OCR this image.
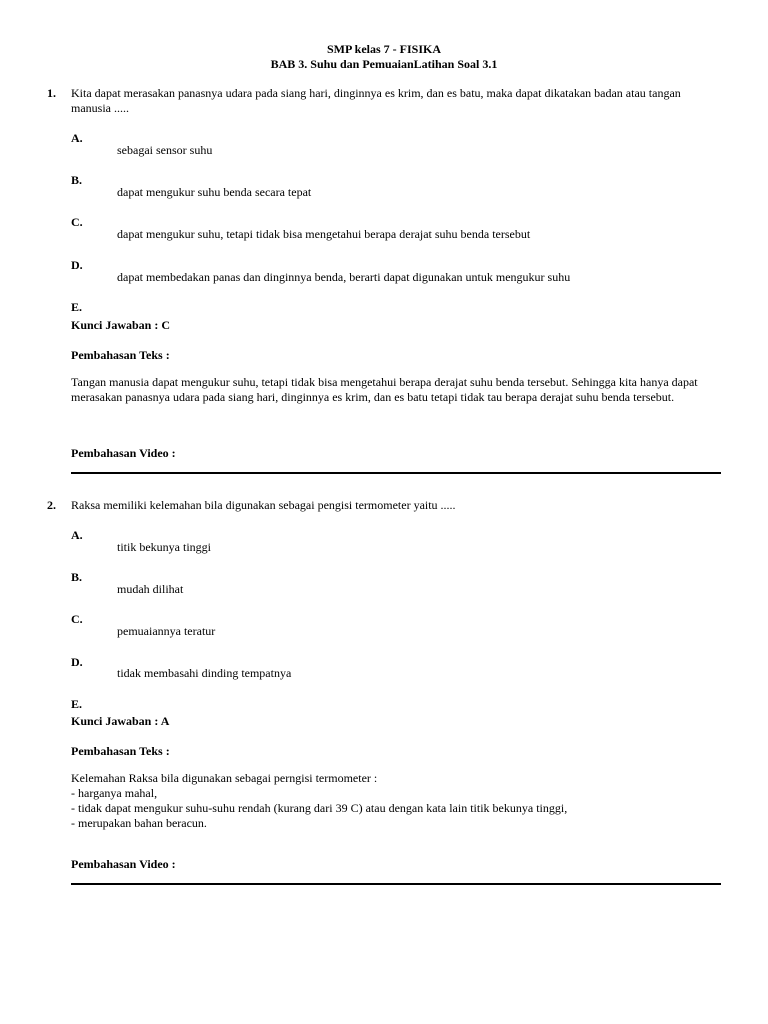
SMP kelas 7 - FISIKA
BAB 3. Suhu dan PemuaianLatihan Soal 3.1
1. Kita dapat merasakan panasnya udara pada siang hari, dinginnya es krim, dan es batu, maka dapat dikatakan badan atau tangan manusia .....
A.
sebagai sensor suhu
B.
dapat mengukur suhu benda secara tepat
C.
dapat mengukur suhu, tetapi tidak bisa mengetahui berapa derajat suhu benda tersebut
D.
dapat membedakan panas dan dinginnya benda, berarti dapat digunakan untuk mengukur suhu
E.
Kunci Jawaban : C
Pembahasan Teks :
Tangan manusia dapat mengukur suhu, tetapi tidak bisa mengetahui berapa derajat suhu benda tersebut. Sehingga kita hanya dapat merasakan panasnya udara pada siang hari, dinginnya es krim, dan es batu tetapi tidak tau berapa derajat suhu benda tersebut.
Pembahasan Video :
2. Raksa memiliki kelemahan bila digunakan sebagai pengisi termometer yaitu .....
A.
titik bekunya tinggi
B.
mudah dilihat
C.
pemuaiannya teratur
D.
tidak membasahi dinding tempatnya
E.
Kunci Jawaban : A
Pembahasan Teks :
Kelemahan Raksa bila digunakan sebagai perngisi termometer :
- harganya mahal,
- tidak dapat mengukur suhu-suhu rendah (kurang dari 39 C) atau dengan kata lain titik bekunya tinggi,
- merupakan bahan beracun.
Pembahasan Video :
